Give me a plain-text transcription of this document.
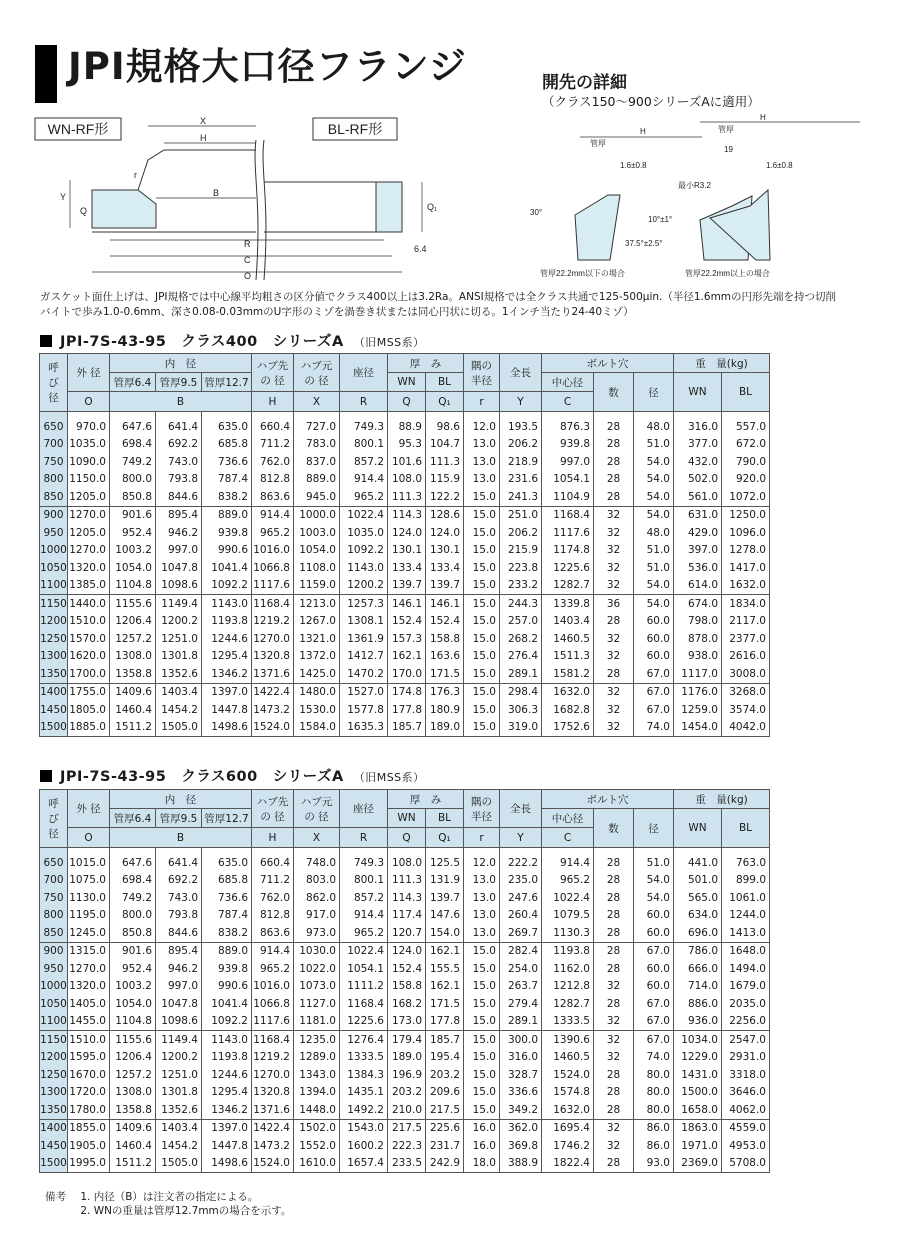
JPI規格大口径フランジ	開先の詳細
（クラス150～900シリーズAに適用）
WN-RF形	BL-RF形
X
H
B
R
C
O
Y
Q
r
Q₁
6.4
H
H
管厚
管厚
1.6±0.8	1.6±0.8
19
最小R3.2
30°
10°±1°
37.5°±2.5°
管厚22.2mm以下の場合	管厚22.2mm以上の場合
ガスケット面仕上げは、JPI規格では中心線平均粗さの区分値でクラス400以上は3.2Ra。ANSI規格では全クラス共通で125-500μin.（半径1.6mmの円形先端を持つ切削
バイトで歩み1.0-0.6mm、深さ0.08-0.03mmのU字形のミゾを渦巻き状または同心円状に切る。1インチ当たり24-40ミゾ）
JPI-7S-43-95　クラス400　シリーズA （旧MSS系）
呼
び
径	外 径	内　径			ハブ先
の 径	ハブ元
の 径	座径	厚　み		隅の
半径	全長	ボルト穴			重　量(kg)	
		管厚6.4	管厚9.5	管厚12.7				WN	BL			中心径	数	径	WN	BL
	O	B			H	X	R	Q	Q₁	r	Y	C				

650	970.0	647.6	641.4	635.0	660.4	727.0	749.3	88.9	98.6	12.0	193.5	876.3	28	48.0	316.0	557.0
700	1035.0	698.4	692.2	685.8	711.2	783.0	800.1	95.3	104.7	13.0	206.2	939.8	28	51.0	377.0	672.0
750	1090.0	749.2	743.0	736.6	762.0	837.0	857.2	101.6	111.3	13.0	218.9	997.0	28	54.0	432.0	790.0
800	1150.0	800.0	793.8	787.4	812.8	889.0	914.4	108.0	115.9	13.0	231.6	1054.1	28	54.0	502.0	920.0
850	1205.0	850.8	844.6	838.2	863.6	945.0	965.2	111.3	122.2	15.0	241.3	1104.9	28	54.0	561.0	1072.0
900	1270.0	901.6	895.4	889.0	914.4	1000.0	1022.4	114.3	128.6	15.0	251.0	1168.4	32	54.0	631.0	1250.0
950	1205.0	952.4	946.2	939.8	965.2	1003.0	1035.0	124.0	124.0	15.0	206.2	1117.6	32	48.0	429.0	1096.0
1000	1270.0	1003.2	997.0	990.6	1016.0	1054.0	1092.2	130.1	130.1	15.0	215.9	1174.8	32	51.0	397.0	1278.0
1050	1320.0	1054.0	1047.8	1041.4	1066.8	1108.0	1143.0	133.4	133.4	15.0	223.8	1225.6	32	51.0	536.0	1417.0
1100	1385.0	1104.8	1098.6	1092.2	1117.6	1159.0	1200.2	139.7	139.7	15.0	233.2	1282.7	32	54.0	614.0	1632.0
1150	1440.0	1155.6	1149.4	1143.0	1168.4	1213.0	1257.3	146.1	146.1	15.0	244.3	1339.8	36	54.0	674.0	1834.0
1200	1510.0	1206.4	1200.2	1193.8	1219.2	1267.0	1308.1	152.4	152.4	15.0	257.0	1403.4	28	60.0	798.0	2117.0
1250	1570.0	1257.2	1251.0	1244.6	1270.0	1321.0	1361.9	157.3	158.8	15.0	268.2	1460.5	32	60.0	878.0	2377.0
1300	1620.0	1308.0	1301.8	1295.4	1320.8	1372.0	1412.7	162.1	163.6	15.0	276.4	1511.3	32	60.0	938.0	2616.0
1350	1700.0	1358.8	1352.6	1346.2	1371.6	1425.0	1470.2	170.0	171.5	15.0	289.1	1581.2	28	67.0	1117.0	3008.0
1400	1755.0	1409.6	1403.4	1397.0	1422.4	1480.0	1527.0	174.8	176.3	15.0	298.4	1632.0	32	67.0	1176.0	3268.0
1450	1805.0	1460.4	1454.2	1447.8	1473.2	1530.0	1577.8	177.8	180.9	15.0	306.3	1682.8	32	67.0	1259.0	3574.0
1500	1885.0	1511.2	1505.0	1498.6	1524.0	1584.0	1635.3	185.7	189.0	15.0	319.0	1752.6	32	74.0	1454.0	4042.0
JPI-7S-43-95　クラス600　シリーズA （旧MSS系）
呼
び
径	外 径	内　径			ハブ先
の 径	ハブ元
の 径	座径	厚　み		隅の
半径	全長	ボルト穴			重　量(kg)	
		管厚6.4	管厚9.5	管厚12.7				WN	BL			中心径	数	径	WN	BL
	O	B			H	X	R	Q	Q₁	r	Y	C				

650	1015.0	647.6	641.4	635.0	660.4	748.0	749.3	108.0	125.5	12.0	222.2	914.4	28	51.0	441.0	763.0
700	1075.0	698.4	692.2	685.8	711.2	803.0	800.1	111.3	131.9	13.0	235.0	965.2	28	54.0	501.0	899.0
750	1130.0	749.2	743.0	736.6	762.0	862.0	857.2	114.3	139.7	13.0	247.6	1022.4	28	54.0	565.0	1061.0
800	1195.0	800.0	793.8	787.4	812.8	917.0	914.4	117.4	147.6	13.0	260.4	1079.5	28	60.0	634.0	1244.0
850	1245.0	850.8	844.6	838.2	863.6	973.0	965.2	120.7	154.0	13.0	269.7	1130.3	28	60.0	696.0	1413.0
900	1315.0	901.6	895.4	889.0	914.4	1030.0	1022.4	124.0	162.1	15.0	282.4	1193.8	28	67.0	786.0	1648.0
950	1270.0	952.4	946.2	939.8	965.2	1022.0	1054.1	152.4	155.5	15.0	254.0	1162.0	28	60.0	666.0	1494.0
1000	1320.0	1003.2	997.0	990.6	1016.0	1073.0	1111.2	158.8	162.1	15.0	263.7	1212.8	32	60.0	714.0	1679.0
1050	1405.0	1054.0	1047.8	1041.4	1066.8	1127.0	1168.4	168.2	171.5	15.0	279.4	1282.7	28	67.0	886.0	2035.0
1100	1455.0	1104.8	1098.6	1092.2	1117.6	1181.0	1225.6	173.0	177.8	15.0	289.1	1333.5	32	67.0	936.0	2256.0
1150	1510.0	1155.6	1149.4	1143.0	1168.4	1235.0	1276.4	179.4	185.7	15.0	300.0	1390.6	32	67.0	1034.0	2547.0
1200	1595.0	1206.4	1200.2	1193.8	1219.2	1289.0	1333.5	189.0	195.4	15.0	316.0	1460.5	32	74.0	1229.0	2931.0
1250	1670.0	1257.2	1251.0	1244.6	1270.0	1343.0	1384.3	196.9	203.2	15.0	328.7	1524.0	28	80.0	1431.0	3318.0
1300	1720.0	1308.0	1301.8	1295.4	1320.8	1394.0	1435.1	203.2	209.6	15.0	336.6	1574.8	28	80.0	1500.0	3646.0
1350	1780.0	1358.8	1352.6	1346.2	1371.6	1448.0	1492.2	210.0	217.5	15.0	349.2	1632.0	28	80.0	1658.0	4062.0
1400	1855.0	1409.6	1403.4	1397.0	1422.4	1502.0	1543.0	217.5	225.6	16.0	362.0	1695.4	32	86.0	1863.0	4559.0
1450	1905.0	1460.4	1454.2	1447.8	1473.2	1552.0	1600.2	222.3	231.7	16.0	369.8	1746.2	32	86.0	1971.0	4953.0
1500	1995.0	1511.2	1505.0	1498.6	1524.0	1610.0	1657.4	233.5	242.9	18.0	388.9	1822.4	28	93.0	2369.0	5708.0
備考 1. 内径（B）は注文者の指定による。
2. WNの重量は管厚12.7mmの場合を示す。
